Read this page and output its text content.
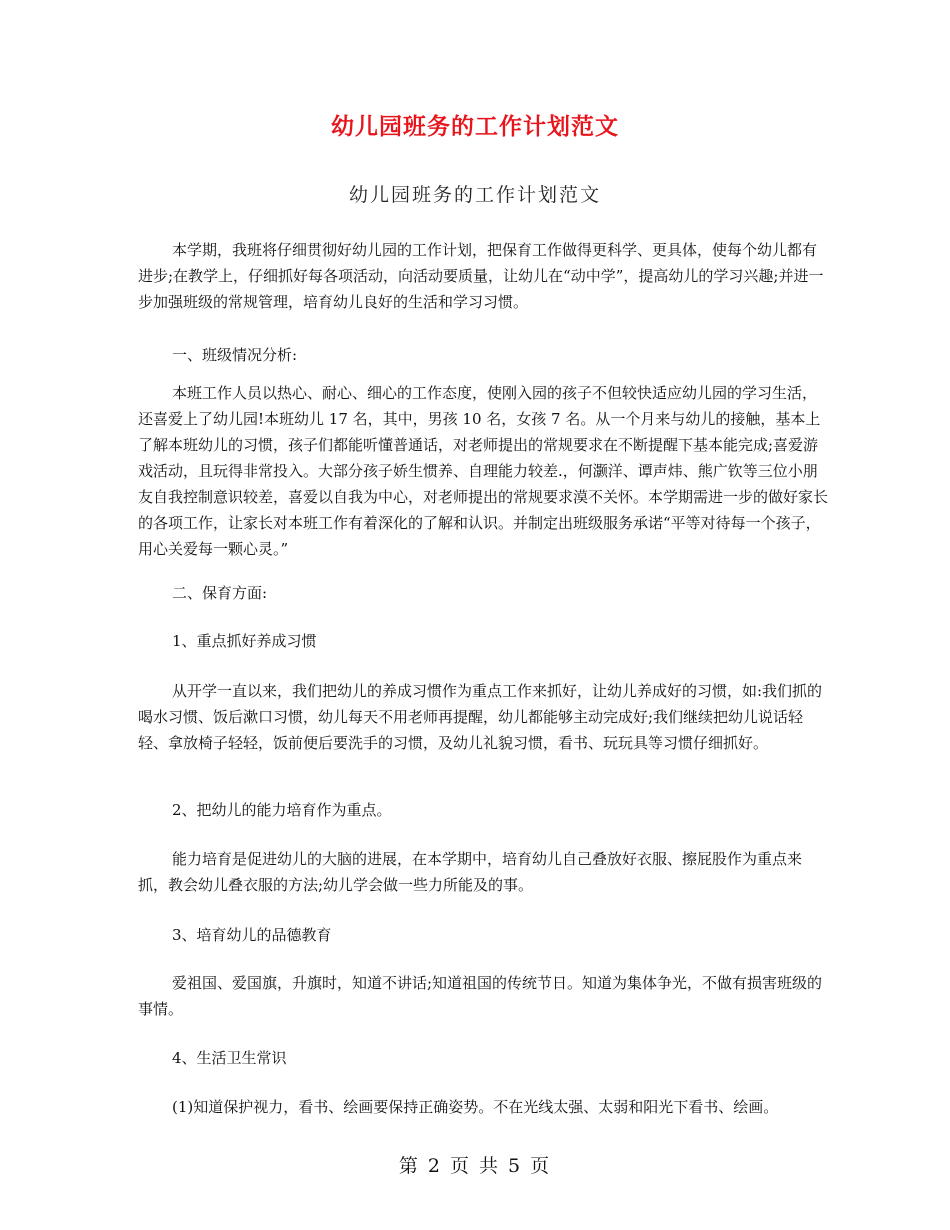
幼儿园班务的工作计划范文
幼儿园班务的工作计划范文
本学期，我班将仔细贯彻好幼儿园的工作计划，把保育工作做得更科学、更具体，使每个幼儿都有进步;在教学上，仔细抓好每各项活动，向活动要质量，让幼儿在“动中学”，提高幼儿的学习兴趣;并进一步加强班级的常规管理，培育幼儿良好的生活和学习习惯。
一、班级情况分析:
本班工作人员以热心、耐心、细心的工作态度，使刚入园的孩子不但较快适应幼儿园的学习生活，还喜爱上了幼儿园!本班幼儿 17 名，其中，男孩 10 名，女孩 7 名。从一个月来与幼儿的接触，基本上了解本班幼儿的习惯，孩子们都能听懂普通话，对老师提出的常规要求在不断提醒下基本能完成;喜爱游戏活动，且玩得非常投入。大部分孩子娇生惯养、自理能力较差.，何灏洋、谭声炜、熊广钦等三位小朋友自我控制意识较差，喜爱以自我为中心，对老师提出的常规要求漠不关怀。本学期需进一步的做好家长的各项工作，让家长对本班工作有着深化的了解和认识。并制定出班级服务承诺“平等对待每一个孩子，用心关爱每一颗心灵。”
二、保育方面:
1、重点抓好养成习惯
从开学一直以来，我们把幼儿的养成习惯作为重点工作来抓好，让幼儿养成好的习惯，如:我们抓的喝水习惯、饭后漱口习惯，幼儿每天不用老师再提醒，幼儿都能够主动完成好;我们继续把幼儿说话轻轻、拿放椅子轻轻，饭前便后要洗手的习惯，及幼儿礼貌习惯，看书、玩玩具等习惯仔细抓好。
2、把幼儿的能力培育作为重点。
能力培育是促进幼儿的大脑的进展，在本学期中，培育幼儿自己叠放好衣服、擦屁股作为重点来抓，教会幼儿叠衣服的方法;幼儿学会做一些力所能及的事。
3、培育幼儿的品德教育
爱祖国、爱国旗，升旗时，知道不讲话;知道祖国的传统节日。知道为集体争光，不做有损害班级的事情。
4、生活卫生常识
(1)知道保护视力，看书、绘画要保持正确姿势。不在光线太强、太弱和阳光下看书、绘画。
第 2 页 共 5 页
